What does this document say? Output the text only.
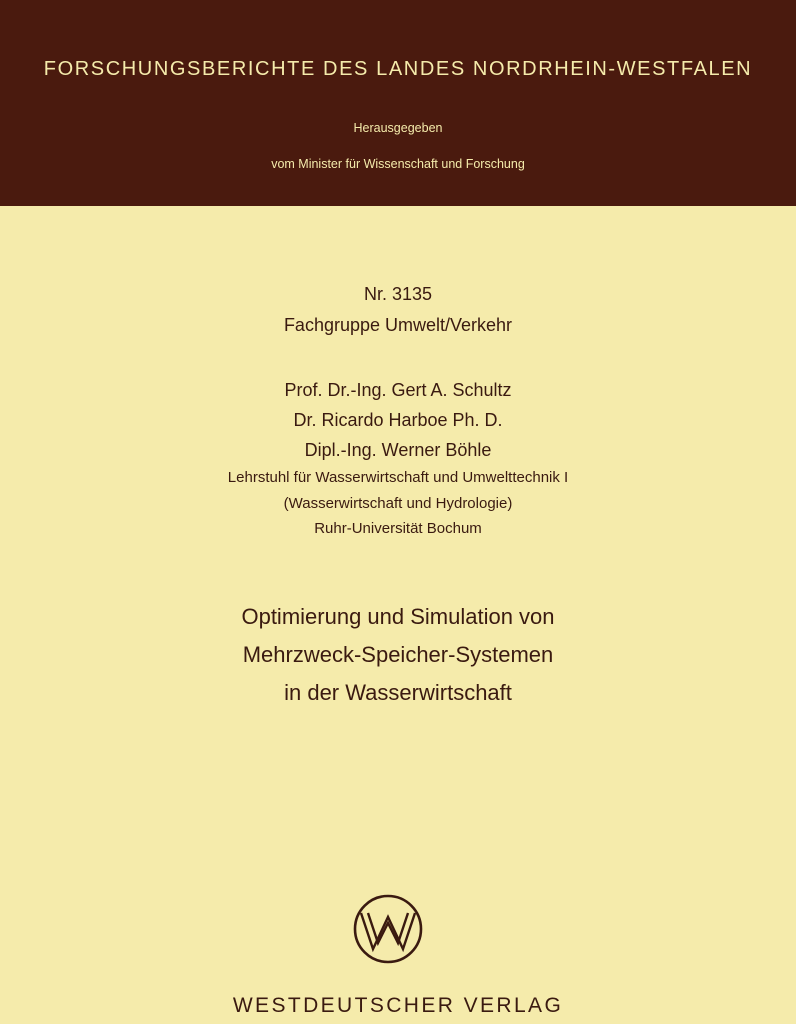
FORSCHUNGSBERICHTE DES LANDES NORDRHEIN-WESTFALEN
Herausgegeben
vom Minister für Wissenschaft und Forschung
Nr. 3135
Fachgruppe Umwelt/Verkehr
Prof. Dr.-Ing. Gert A. Schultz
Dr. Ricardo Harboe Ph. D.
Dipl.-Ing. Werner Böhle
Lehrstuhl für Wasserwirtschaft und Umwelttechnik I
(Wasserwirtschaft und Hydrologie)
Ruhr-Universität Bochum
Optimierung und Simulation von
Mehrzweck-Speicher-Systemen
in der Wasserwirtschaft
WESTDEUTSCHER VERLAG
